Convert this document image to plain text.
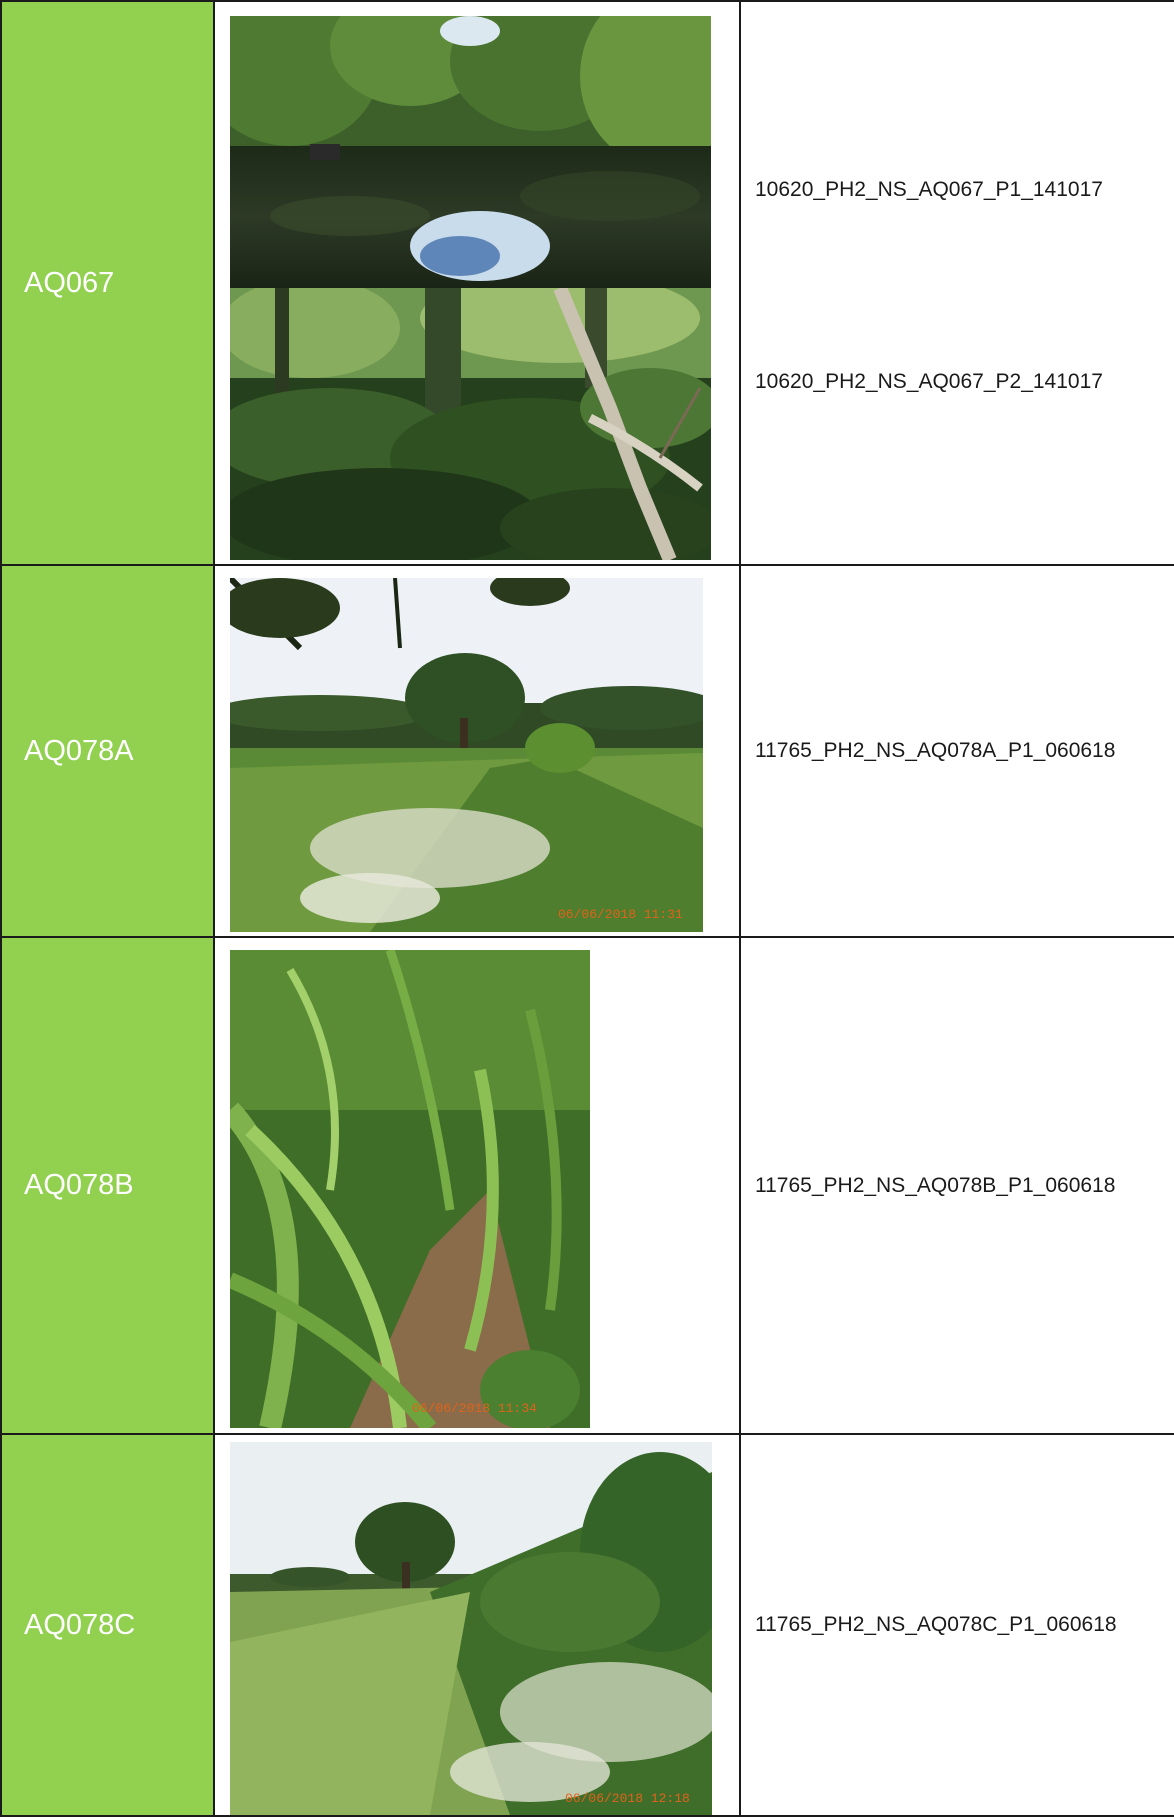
AQ067		10620_PH2_NS_AQ067_P1_141017
10620_PH2_NS_AQ067_P2_141017

AQ078A	06/06/2018 11:31	11765_PH2_NS_AQ078A_P1_060618

AQ078B	06/06/2018 11:34	11765_PH2_NS_AQ078B_P1_060618

AQ078C	06/06/2018 12:18	11765_PH2_NS_AQ078C_P1_060618
